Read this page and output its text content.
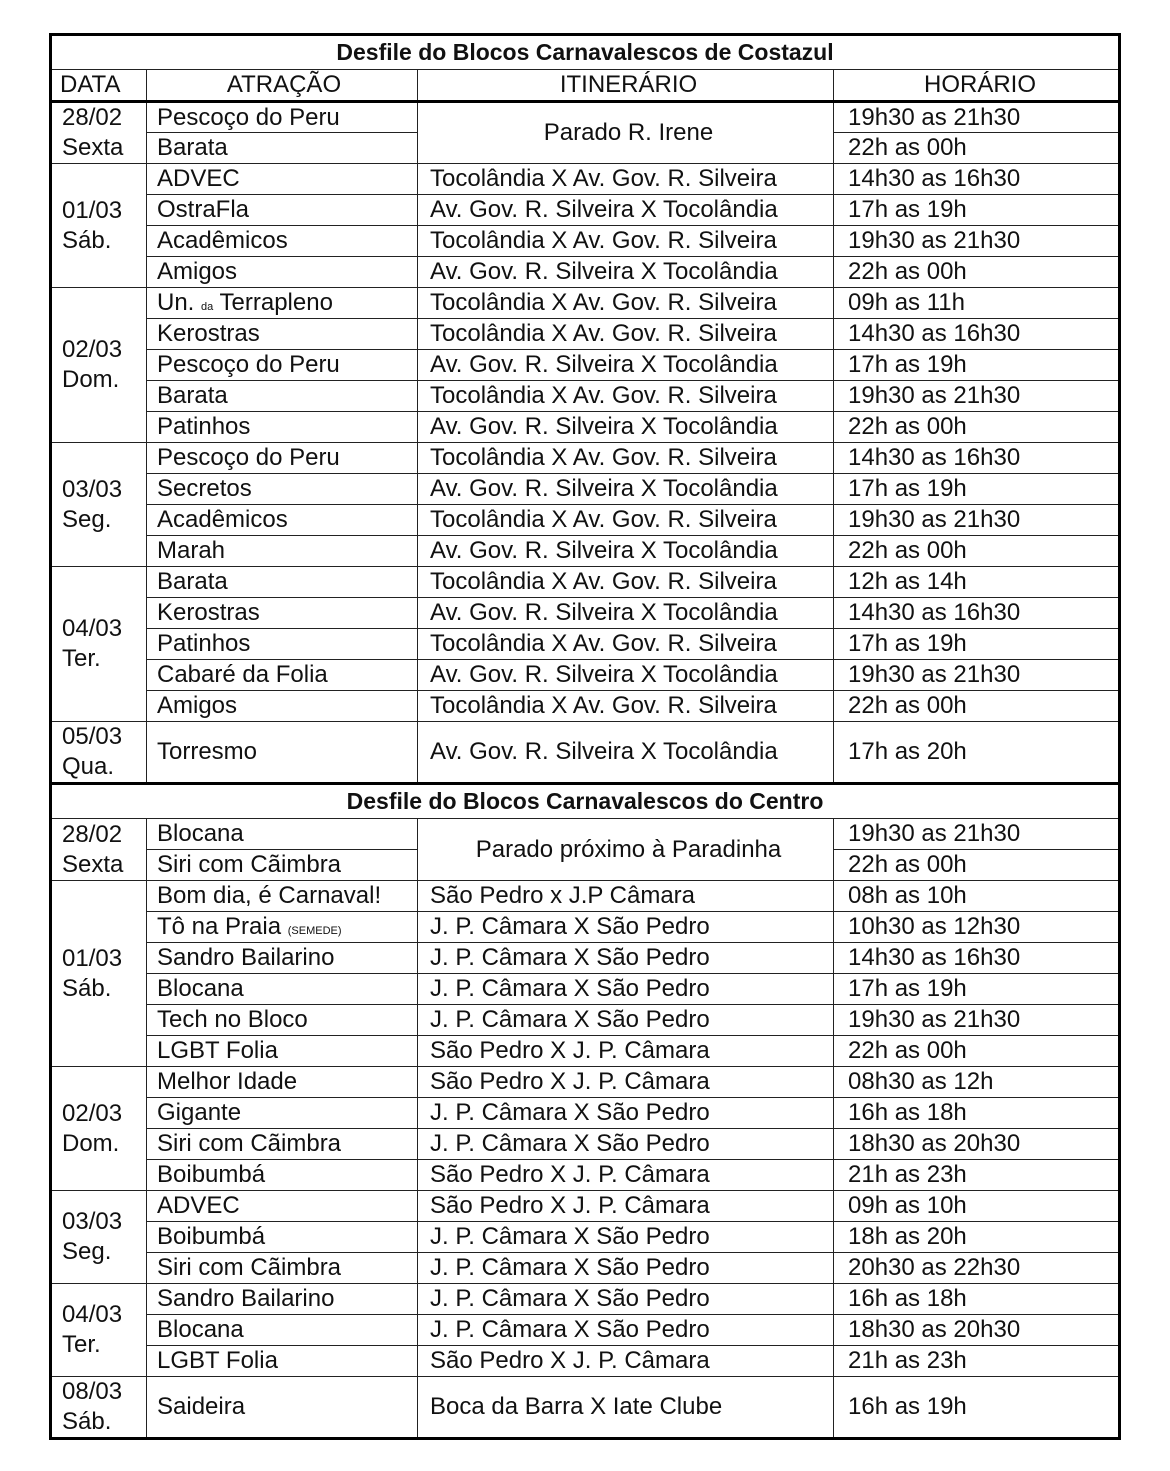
Desfile do Blocos Carnavalescos de Costazul			
DATA	ATRAÇÃO	ITINERÁRIO	HORÁRIO

28/02
Sexta	Pescoço do Peru	Parado R. Irene	19h30 as 21h30
	Barata		22h as 00h

01/03
Sáb.	ADVEC	Tocolândia X Av. Gov. R. Silveira	14h30 as 16h30
	OstraFla	Av. Gov. R. Silveira X Tocolândia	17h as 19h
	Acadêmicos	Tocolândia X Av. Gov. R. Silveira	19h30 as 21h30
	Amigos	Av. Gov. R. Silveira X Tocolândia	22h as 00h

02/03
Dom.	Un. da Terrapleno	Tocolândia X Av. Gov. R. Silveira	09h as 11h
	Kerostras	Tocolândia X Av. Gov. R. Silveira	14h30 as 16h30
	Pescoço do Peru	Av. Gov. R. Silveira X Tocolândia	17h as 19h
	Barata	Tocolândia X Av. Gov. R. Silveira	19h30 as 21h30
	Patinhos	Av. Gov. R. Silveira X Tocolândia	22h as 00h

03/03
Seg.	Pescoço do Peru	Tocolândia X Av. Gov. R. Silveira	14h30 as 16h30
	Secretos	Av. Gov. R. Silveira X Tocolândia	17h as 19h
	Acadêmicos	Tocolândia X Av. Gov. R. Silveira	19h30 as 21h30
	Marah	Av. Gov. R. Silveira X Tocolândia	22h as 00h

04/03
Ter.	Barata	Tocolândia X Av. Gov. R. Silveira	12h as 14h
	Kerostras	Av. Gov. R. Silveira X Tocolândia	14h30 as 16h30
	Patinhos	Tocolândia X Av. Gov. R. Silveira	17h as 19h
	Cabaré da Folia	Av. Gov. R. Silveira X Tocolândia	19h30 as 21h30
	Amigos	Tocolândia X Av. Gov. R. Silveira	22h as 00h

05/03
Qua.	Torresmo	Av. Gov. R. Silveira X Tocolândia	17h as 20h
Desfile do Blocos Carnavalescos do Centro			

28/02
Sexta	Blocana	Parado próximo à Paradinha	19h30 as 21h30
	Siri com Cãimbra		22h as 00h

01/03
Sáb.	Bom dia, é Carnaval!	São Pedro x J.P Câmara	08h as 10h
	Tô na Praia (SEMEDE)	J. P. Câmara X São Pedro	10h30 as 12h30
	Sandro Bailarino	J. P. Câmara X São Pedro	14h30 as 16h30
	Blocana	J. P. Câmara X São Pedro	17h as 19h
	Tech no Bloco	J. P. Câmara X São Pedro	19h30 as 21h30
	LGBT Folia	São Pedro X J. P. Câmara	22h as 00h

02/03
Dom.	Melhor Idade	São Pedro X J. P. Câmara	08h30 as 12h
	Gigante	J. P. Câmara X São Pedro	16h as 18h
	Siri com Cãimbra	J. P. Câmara X São Pedro	18h30 as 20h30
	Boibumbá	São Pedro X J. P. Câmara	21h as 23h

03/03
Seg.	ADVEC	São Pedro X J. P. Câmara	09h as 10h
	Boibumbá	J. P. Câmara X São Pedro	18h as 20h
	Siri com Cãimbra	J. P. Câmara X São Pedro	20h30 as 22h30

04/03
Ter.	Sandro Bailarino	J. P. Câmara X São Pedro	16h as 18h
	Blocana	J. P. Câmara X São Pedro	18h30 as 20h30
	LGBT Folia	São Pedro X J. P. Câmara	21h as 23h

08/03
Sáb.	Saideira	Boca da Barra X Iate Clube	16h as 19h
